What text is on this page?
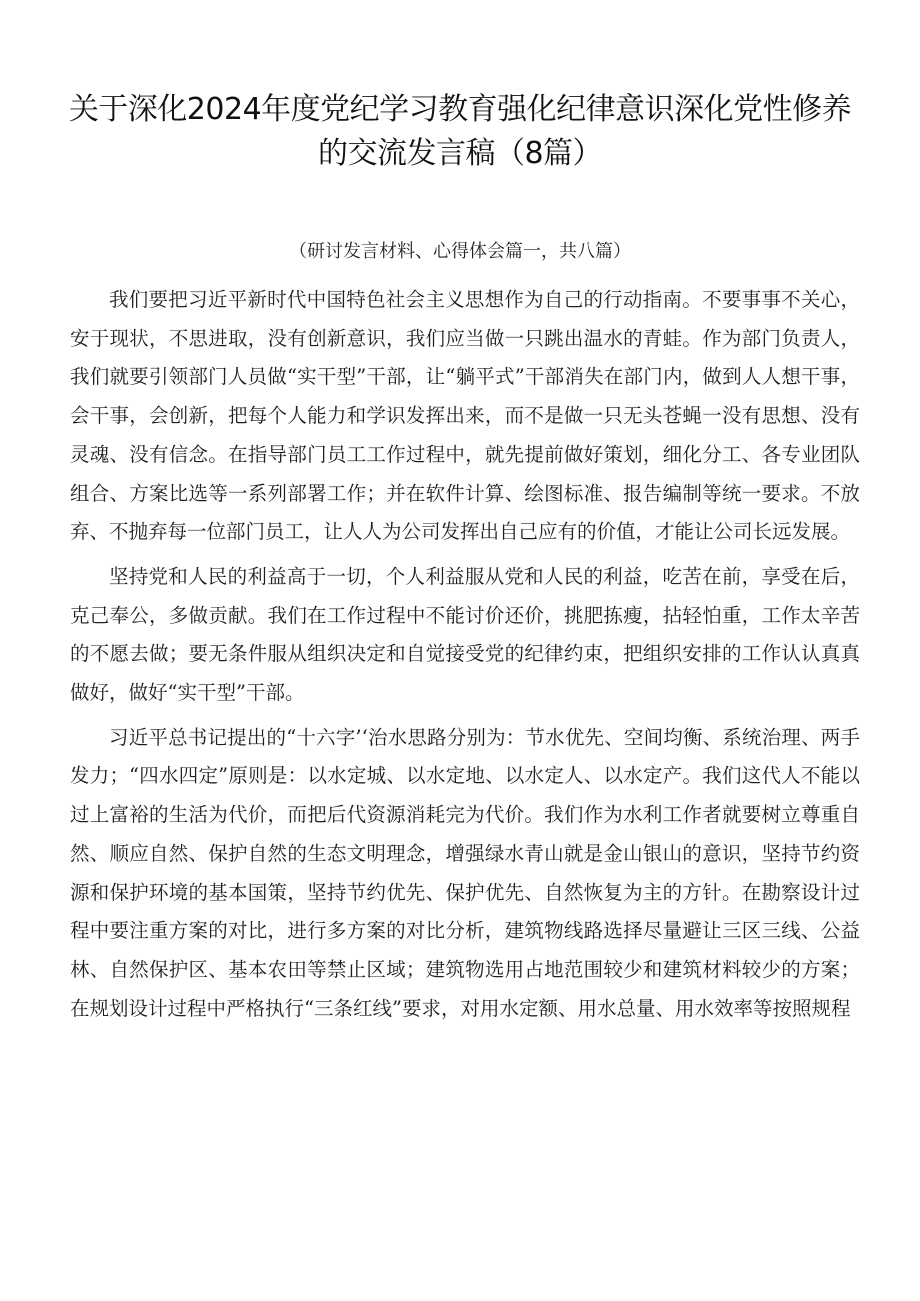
关于深化2024年度党纪学习教育强化纪律意识深化党性修养
的交流发言稿（8篇）
（研讨发言材料、心得体会篇一，共八篇）

我们要把习近平新时代中国特色社会主义思想作为自己的行动指南。不要事事不关心，安于现状，不思进取，没有创新意识，我们应当做一只跳出温水的青蛙。作为部门负责人，我们就要引领部门人员做“实干型”干部，让“躺平式”干部消失在部门内，做到人人想干事，会干事，会创新，把每个人能力和学识发挥出来，而不是做一只无头苍蝇一没有思想、没有灵魂、没有信念。在指导部门员工工作过程中，就先提前做好策划，细化分工、各专业团队组合、方案比选等一系列部署工作；并在软件计算、绘图标准、报告编制等统一要求。不放弃、不抛弃每一位部门员工，让人人为公司发挥出自己应有的价值，才能让公司长远发展。

坚持党和人民的利益高于一切，个人利益服从党和人民的利益，吃苦在前，享受在后，克己奉公，多做贡献。我们在工作过程中不能讨价还价，挑肥拣瘦，拈轻怕重，工作太辛苦的不愿去做；要无条件服从组织决定和自觉接受党的纪律约束，把组织安排的工作认认真真做好，做好“实干型”干部。

习近平总书记提出的“十六字’‘治水思路分别为：节水优先、空间均衡、系统治理、两手发力；“四水四定”原则是：以水定城、以水定地、以水定人、以水定产。我们这代人不能以过上富裕的生活为代价，而把后代资源消耗完为代价。我们作为水利工作者就要树立尊重自然、顺应自然、保护自然的生态文明理念，增强绿水青山就是金山银山的意识，坚持节约资源和保护环境的基本国策，坚持节约优先、保护优先、自然恢复为主的方针。在勘察设计过程中要注重方案的对比，进行多方案的对比分析，建筑物线路选择尽量避让三区三线、公益林、自然保护区、基本农田等禁止区域；建筑物选用占地范围较少和建筑材料较少的方案；在规划设计过程中严格执行“三条红线”要求，对用水定额、用水总量、用水效率等按照规程
